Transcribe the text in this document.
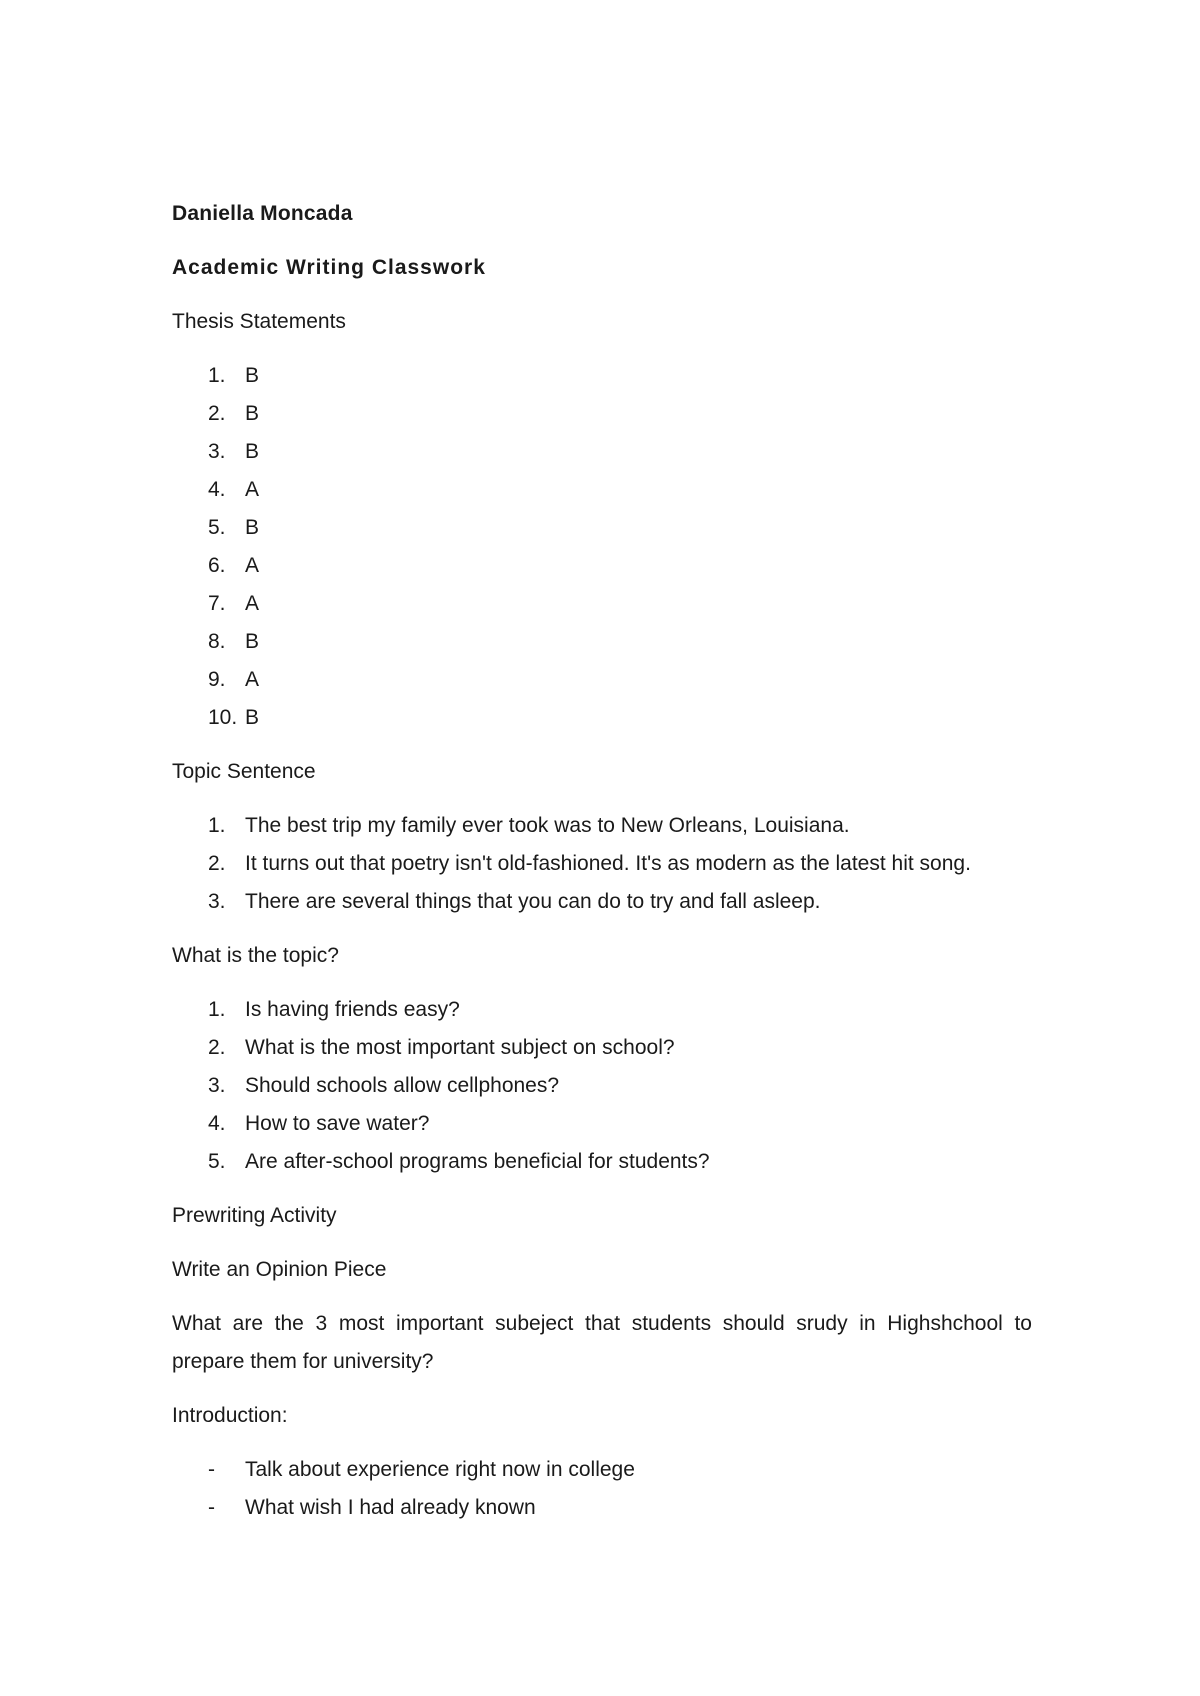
Daniella Moncada
Academic Writing Classwork
Thesis Statements
1. B
2. B
3. B
4. A
5. B
6. A
7. A
8. B
9. A
10. B
Topic Sentence
1. The best trip my family ever took was to New Orleans, Louisiana.
2. It turns out that poetry isn't old-fashioned. It's as modern as the latest hit song.
3. There are several things that you can do to try and fall asleep.
What is the topic?
1. Is having friends easy?
2. What is the most important subject on school?
3. Should schools allow cellphones?
4. How to save water?
5. Are after-school programs beneficial for students?
Prewriting Activity
Write an Opinion Piece
What are the 3 most important subeject that students should srudy in Highshchool to prepare them for university?
Introduction:
-	Talk about experience right now in college
-	What wish I had already known
